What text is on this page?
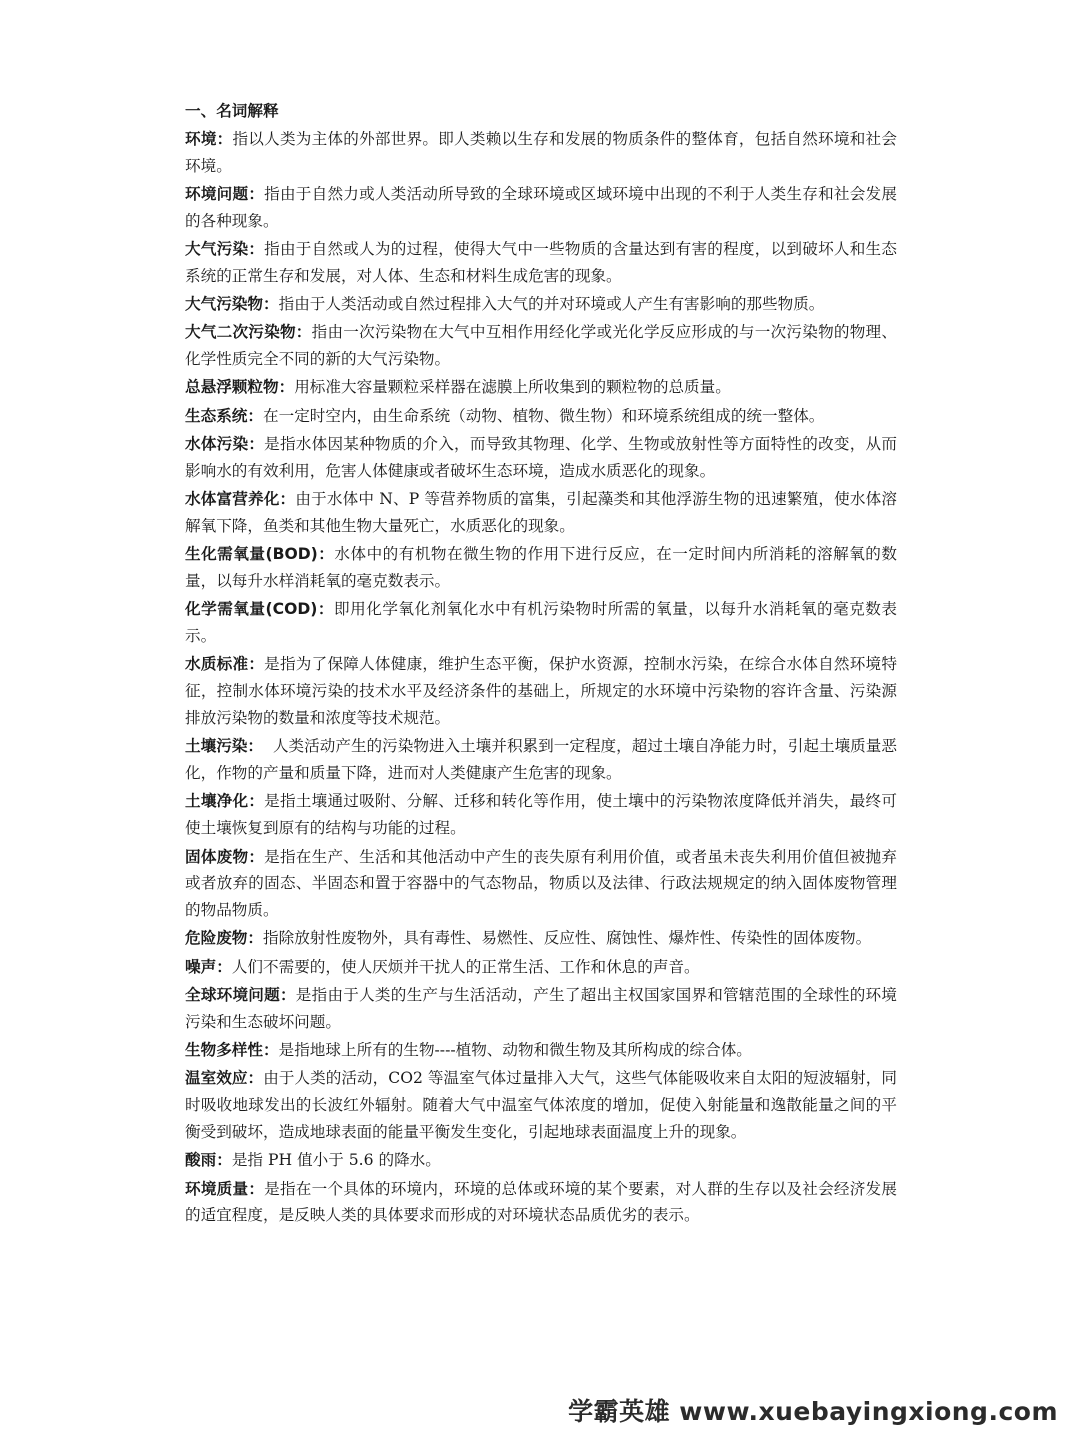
一、名词解释
环境：指以人类为主体的外部世界。即人类赖以生存和发展的物质条件的整体育，包括自然环境和社会环境。
环境问题：指由于自然力或人类活动所导致的全球环境或区域环境中出现的不利于人类生存和社会发展的各种现象。
大气污染：指由于自然或人为的过程，使得大气中一些物质的含量达到有害的程度，以到破坏人和生态系统的正常生存和发展，对人体、生态和材料生成危害的现象。
大气污染物：指由于人类活动或自然过程排入大气的并对环境或人产生有害影响的那些物质。
大气二次污染物：指由一次污染物在大气中互相作用经化学或光化学反应形成的与一次污染物的物理、化学性质完全不同的新的大气污染物。
总悬浮颗粒物：用标准大容量颗粒采样器在滤膜上所收集到的颗粒物的总质量。
生态系统：在一定时空内，由生命系统（动物、植物、微生物）和环境系统组成的统一整体。
水体污染：是指水体因某种物质的介入，而导致其物理、化学、生物或放射性等方面特性的改变，从而影响水的有效利用，危害人体健康或者破坏生态环境，造成水质恶化的现象。
水体富营养化：由于水体中 N、P 等营养物质的富集，引起藻类和其他浮游生物的迅速繁殖，使水体溶解氧下降，鱼类和其他生物大量死亡，水质恶化的现象。
生化需氧量(BOD)：水体中的有机物在微生物的作用下进行反应，在一定时间内所消耗的溶解氧的数量，以每升水样消耗氧的毫克数表示。
化学需氧量(COD)：即用化学氧化剂氧化水中有机污染物时所需的氧量，以每升水消耗氧的毫克数表示。
水质标准：是指为了保障人体健康，维护生态平衡，保护水资源，控制水污染，在综合水体自然环境特征，控制水体环境污染的技术水平及经济条件的基础上，所规定的水环境中污染物的容许含量、污染源排放污染物的数量和浓度等技术规范。
土壤污染：  人类活动产生的污染物进入土壤并积累到一定程度，超过土壤自净能力时，引起土壤质量恶化，作物的产量和质量下降，进而对人类健康产生危害的现象。
土壤净化：是指土壤通过吸附、分解、迁移和转化等作用，使土壤中的污染物浓度降低并消失，最终可使土壤恢复到原有的结构与功能的过程。
固体废物：是指在生产、生活和其他活动中产生的丧失原有利用价值，或者虽未丧失利用价值但被抛弃或者放弃的固态、半固态和置于容器中的气态物品，物质以及法律、行政法规规定的纳入固体废物管理的物品物质。
危险废物：指除放射性废物外，具有毒性、易燃性、反应性、腐蚀性、爆炸性、传染性的固体废物。
噪声：人们不需要的，使人厌烦并干扰人的正常生活、工作和休息的声音。
全球环境问题：是指由于人类的生产与生活活动，产生了超出主权国家国界和管辖范围的全球性的环境污染和生态破坏问题。
生物多样性：是指地球上所有的生物----植物、动物和微生物及其所构成的综合体。
温室效应：由于人类的活动，CO2 等温室气体过量排入大气，这些气体能吸收来自太阳的短波辐射，同时吸收地球发出的长波红外辐射。随着大气中温室气体浓度的增加，促使入射能量和逸散能量之间的平衡受到破坏，造成地球表面的能量平衡发生变化，引起地球表面温度上升的现象。
酸雨：是指 PH 值小于 5.6 的降水。
环境质量：是指在一个具体的环境内，环境的总体或环境的某个要素，对人群的生存以及社会经济发展的适宜程度，是反映人类的具体要求而形成的对环境状态品质优劣的表示。
学霸英雄 www.xuebayingxiong.com
